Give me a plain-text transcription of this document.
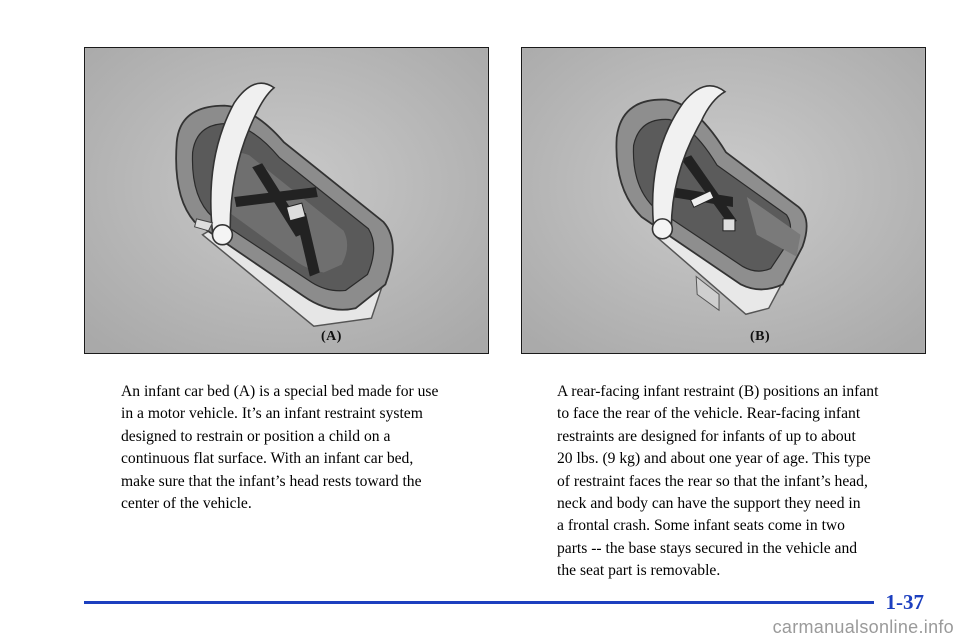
(A)	(B)

An infant car bed (A) is a special bed made for use
in a motor vehicle. It’s an infant restraint system
designed to restrain or position a child on a
continuous flat surface. With an infant car bed,
make sure that the infant’s head rests toward the
center of the vehicle.

A rear-facing infant restraint (B) positions an infant
to face the rear of the vehicle. Rear-facing infant
restraints are designed for infants of up to about
20 lbs. (9 kg) and about one year of age. This type
of restraint faces the rear so that the infant’s head,
neck and body can have the support they need in
a frontal crash. Some infant seats come in two
parts -- the base stays secured in the vehicle and
the seat part is removable.

1-37
carmanualsonline.info
